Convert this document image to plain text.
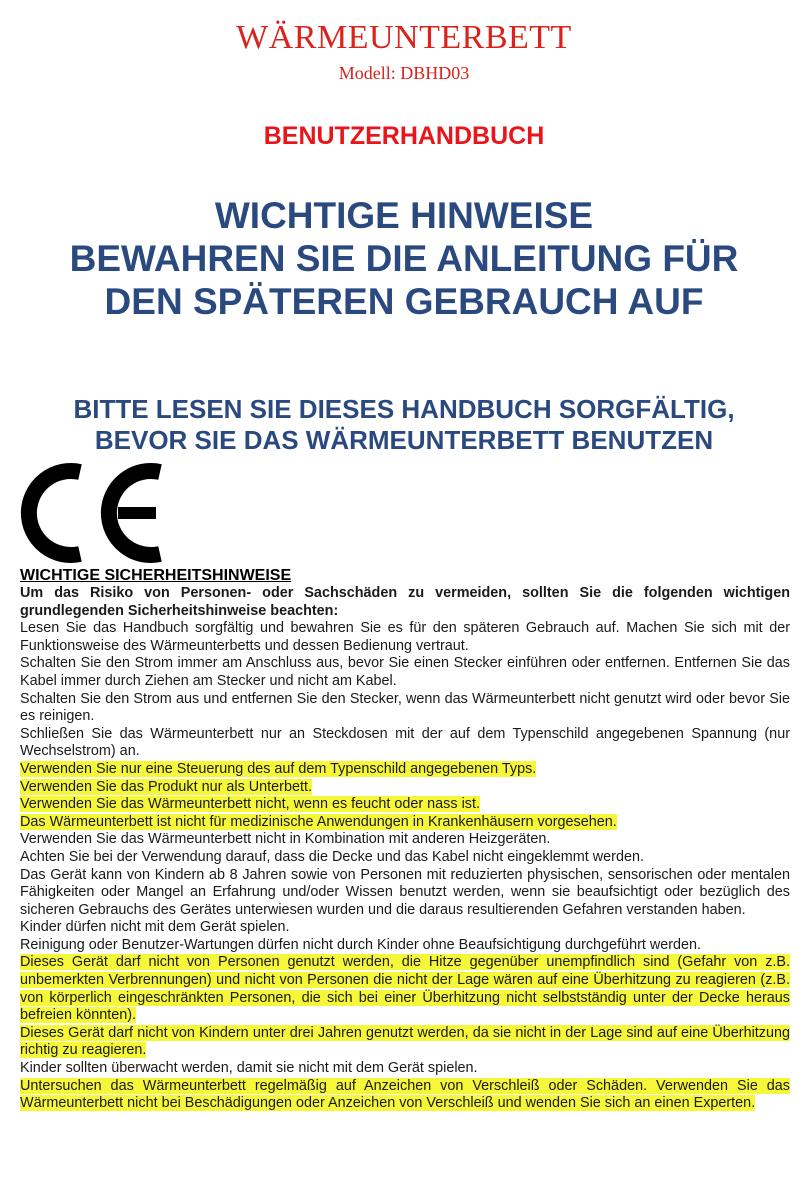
WÄRMEUNTERBETT
Modell: DBHD03
BENUTZERHANDBUCH
WICHTIGE HINWEISE
BEWAHREN SIE DIE ANLEITUNG FÜR
DEN SPÄTEREN GEBRAUCH AUF
BITTE LESEN SIE DIESES HANDBUCH SORGFÄLTIG,
BEVOR SIE DAS WÄRMEUNTERBETT BENUTZEN
WICHTIGE SICHERHEITSHINWEISE

Um das Risiko von Personen- oder Sachschäden zu vermeiden, sollten Sie die folgenden wichtigen grundlegenden Sicherheitshinweise beachten:

Lesen Sie das Handbuch sorgfältig und bewahren Sie es für den späteren Gebrauch auf. Machen Sie sich mit der Funktionsweise des Wärmeunterbetts und dessen Bedienung vertraut.

Schalten Sie den Strom immer am Anschluss aus, bevor Sie einen Stecker einführen oder entfernen. Entfernen Sie das Kabel immer durch Ziehen am Stecker und nicht am Kabel.

Schalten Sie den Strom aus und entfernen Sie den Stecker, wenn das Wärmeunterbett nicht genutzt wird oder bevor Sie es reinigen.

Schließen Sie das Wärmeunterbett nur an Steckdosen mit der auf dem Typenschild angegebenen Spannung (nur Wechselstrom) an.

Verwenden Sie nur eine Steuerung des auf dem Typenschild angegebenen Typs.

Verwenden Sie das Produkt nur als Unterbett.

Verwenden Sie das Wärmeunterbett nicht, wenn es feucht oder nass ist.

Das Wärmeunterbett ist nicht für medizinische Anwendungen in Krankenhäusern vorgesehen.

Verwenden Sie das Wärmeunterbett nicht in Kombination mit anderen Heizgeräten.

Achten Sie bei der Verwendung darauf, dass die Decke und das Kabel nicht eingeklemmt werden.

Das Gerät kann von Kindern ab 8 Jahren sowie von Personen mit reduzierten physischen, sensorischen oder mentalen Fähigkeiten oder Mangel an Erfahrung und/oder Wissen benutzt werden, wenn sie beaufsichtigt oder bezüglich des sicheren Gebrauchs des Gerätes unterwiesen wurden und die daraus resultierenden Gefahren verstanden haben.

Kinder dürfen nicht mit dem Gerät spielen.

Reinigung oder Benutzer-Wartungen dürfen nicht durch Kinder ohne Beaufsichtigung durchgeführt werden.

Dieses Gerät darf nicht von Personen genutzt werden, die Hitze gegenüber unempfindlich sind (Gefahr von z.B. unbemerkten Verbrennungen) und nicht von Personen die nicht der Lage wären auf eine Überhitzung zu reagieren (z.B. von körperlich eingeschränkten Personen, die sich bei einer Überhitzung nicht selbstständig unter der Decke heraus befreien könnten).

Dieses Gerät darf nicht von Kindern unter drei Jahren genutzt werden, da sie nicht in der Lage sind auf eine Überhitzung richtig zu reagieren.

Kinder sollten überwacht werden, damit sie nicht mit dem Gerät spielen.

Untersuchen das Wärmeunterbett regelmäßig auf Anzeichen von Verschleiß oder Schäden. Verwenden Sie das Wärmeunterbett nicht bei Beschädigungen oder Anzeichen von Verschleiß und wenden Sie sich an einen Experten.
